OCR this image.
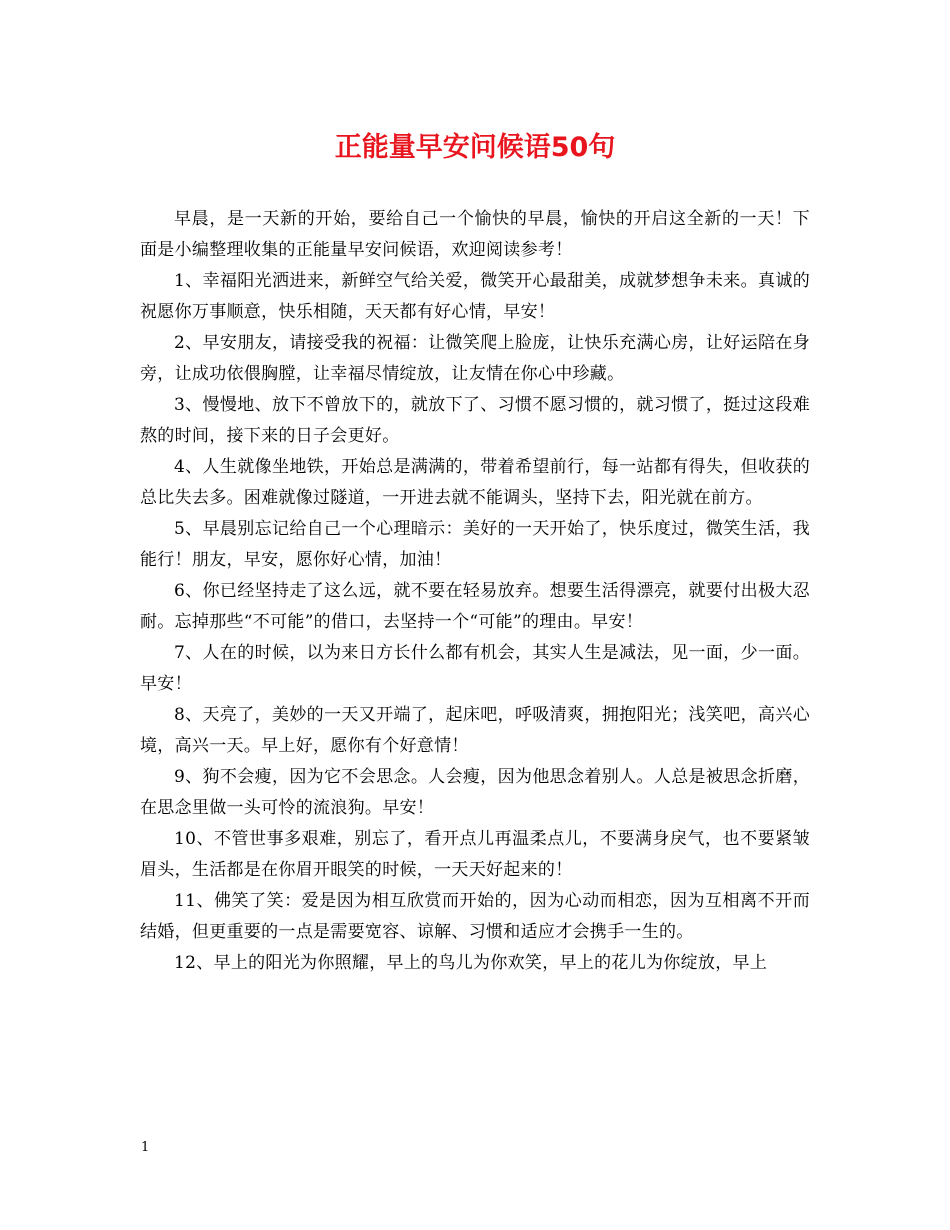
正能量早安问候语50句

早晨，是一天新的开始，要给自己一个愉快的早晨，愉快的开启这全新的一天！下面是小编整理收集的正能量早安问候语，欢迎阅读参考！

1、幸福阳光洒进来，新鲜空气给关爱，微笑开心最甜美，成就梦想争未来。真诚的祝愿你万事顺意，快乐相随，天天都有好心情，早安！

2、早安朋友，请接受我的祝福：让微笑爬上脸庞，让快乐充满心房，让好运陪在身旁，让成功依偎胸膛，让幸福尽情绽放，让友情在你心中珍藏。

3、慢慢地、放下不曾放下的，就放下了、习惯不愿习惯的，就习惯了，挺过这段难熬的时间，接下来的日子会更好。

4、人生就像坐地铁，开始总是满满的，带着希望前行，每一站都有得失，但收获的总比失去多。困难就像过隧道，一开进去就不能调头，坚持下去，阳光就在前方。

5、早晨别忘记给自己一个心理暗示：美好的一天开始了，快乐度过，微笑生活，我能行！朋友，早安，愿你好心情，加油！

6、你已经坚持走了这么远，就不要在轻易放弃。想要生活得漂亮，就要付出极大忍耐。忘掉那些“不可能”的借口，去坚持一个“可能”的理由。早安！

7、人在的时候，以为来日方长什么都有机会，其实人生是减法，见一面，少一面。早安！

8、天亮了，美妙的一天又开端了，起床吧，呼吸清爽，拥抱阳光；浅笑吧，高兴心境，高兴一天。早上好，愿你有个好意情！

9、狗不会瘦，因为它不会思念。人会瘦，因为他思念着别人。人总是被思念折磨，在思念里做一头可怜的流浪狗。早安！

10、不管世事多艰难，别忘了，看开点儿再温柔点儿，不要满身戾气，也不要紧皱眉头，生活都是在你眉开眼笑的时候，一天天好起来的！

11、佛笑了笑：爱是因为相互欣赏而开始的，因为心动而相恋，因为互相离不开而结婚，但更重要的一点是需要宽容、谅解、习惯和适应才会携手一生的。

12、早上的阳光为你照耀，早上的鸟儿为你欢笑，早上的花儿为你绽放，早上

1
